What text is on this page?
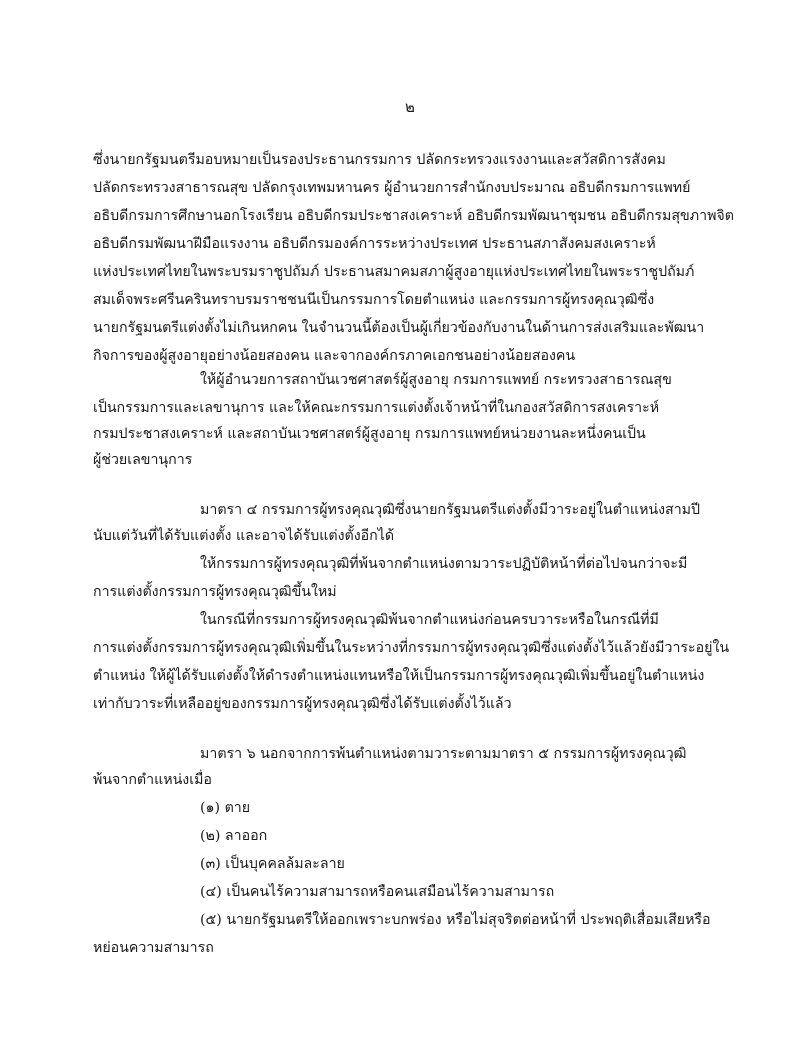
๒
ซึ่งนายกรัฐมนตรีมอบหมายเป็นรองประธานกรรมการ ปลัดกระทรวงแรงงานและสวัสดิการสังคม
ปลัดกระทรวงสาธารณสุข ปลัดกรุงเทพมหานคร ผู้อำนวยการสำนักงบประมาณ อธิบดีกรมการแพทย์
อธิบดีกรมการศึกษานอกโรงเรียน อธิบดีกรมประชาสงเคราะห์ อธิบดีกรมพัฒนาชุมชน อธิบดีกรมสุขภาพจิต
อธิบดีกรมพัฒนาฝีมือแรงงาน อธิบดีกรมองค์การระหว่างประเทศ ประธานสภาสังคมสงเคราะห์
แห่งประเทศไทยในพระบรมราชูปถัมภ์ ประธานสมาคมสภาผู้สูงอายุแห่งประเทศไทยในพระราชูปถัมภ์
สมเด็จพระศรีนครินทราบรมราชชนนีเป็นกรรมการโดยตำแหน่ง และกรรมการผู้ทรงคุณวุฒิซึ่ง
นายกรัฐมนตรีแต่งตั้งไม่เกินหกคน ในจำนวนนี้ต้องเป็นผู้เกี่ยวข้องกับงานในด้านการส่งเสริมและพัฒนา
กิจการของผู้สูงอายุอย่างน้อยสองคน และจากองค์กรภาคเอกชนอย่างน้อยสองคน
ให้ผู้อำนวยการสถาบันเวชศาสตร์ผู้สูงอายุ กรมการแพทย์ กระทรวงสาธารณสุข
เป็นกรรมการและเลขานุการ และให้คณะกรรมการแต่งตั้งเจ้าหน้าที่ในกองสวัสดิการสงเคราะห์
กรมประชาสงเคราะห์ และสถาบันเวชศาสตร์ผู้สูงอายุ กรมการแพทย์หน่วยงานละหนึ่งคนเป็น
ผู้ช่วยเลขานุการ
มาตรา ๔ กรรมการผู้ทรงคุณวุฒิซึ่งนายกรัฐมนตรีแต่งตั้งมีวาระอยู่ในตำแหน่งสามปี
นับแต่วันที่ได้รับแต่งตั้ง และอาจได้รับแต่งตั้งอีกได้
ให้กรรมการผู้ทรงคุณวุฒิที่พ้นจากตำแหน่งตามวาระปฏิบัติหน้าที่ต่อไปจนกว่าจะมี
การแต่งตั้งกรรมการผู้ทรงคุณวุฒิขึ้นใหม่
ในกรณีที่กรรมการผู้ทรงคุณวุฒิพ้นจากตำแหน่งก่อนครบวาระหรือในกรณีที่มี
การแต่งตั้งกรรมการผู้ทรงคุณวุฒิเพิ่มขึ้นในระหว่างที่กรรมการผู้ทรงคุณวุฒิซึ่งแต่งตั้งไว้แล้วยังมีวาระอยู่ใน
ตำแหน่ง ให้ผู้ได้รับแต่งตั้งให้ดำรงตำแหน่งแทนหรือให้เป็นกรรมการผู้ทรงคุณวุฒิเพิ่มขึ้นอยู่ในตำแหน่ง
เท่ากับวาระที่เหลืออยู่ของกรรมการผู้ทรงคุณวุฒิซึ่งได้รับแต่งตั้งไว้แล้ว
มาตรา ๖ นอกจากการพ้นตำแหน่งตามวาระตามมาตรา ๕ กรรมการผู้ทรงคุณวุฒิ
พ้นจากตำแหน่งเมื่อ
(๑) ตาย
(๒) ลาออก
(๓) เป็นบุคคลล้มละลาย
(๔) เป็นคนไร้ความสามารถหรือคนเสมือนไร้ความสามารถ
(๕) นายกรัฐมนตรีให้ออกเพราะบกพร่อง หรือไม่สุจริตต่อหน้าที่ ประพฤติเสื่อมเสียหรือ
หย่อนความสามารถ
